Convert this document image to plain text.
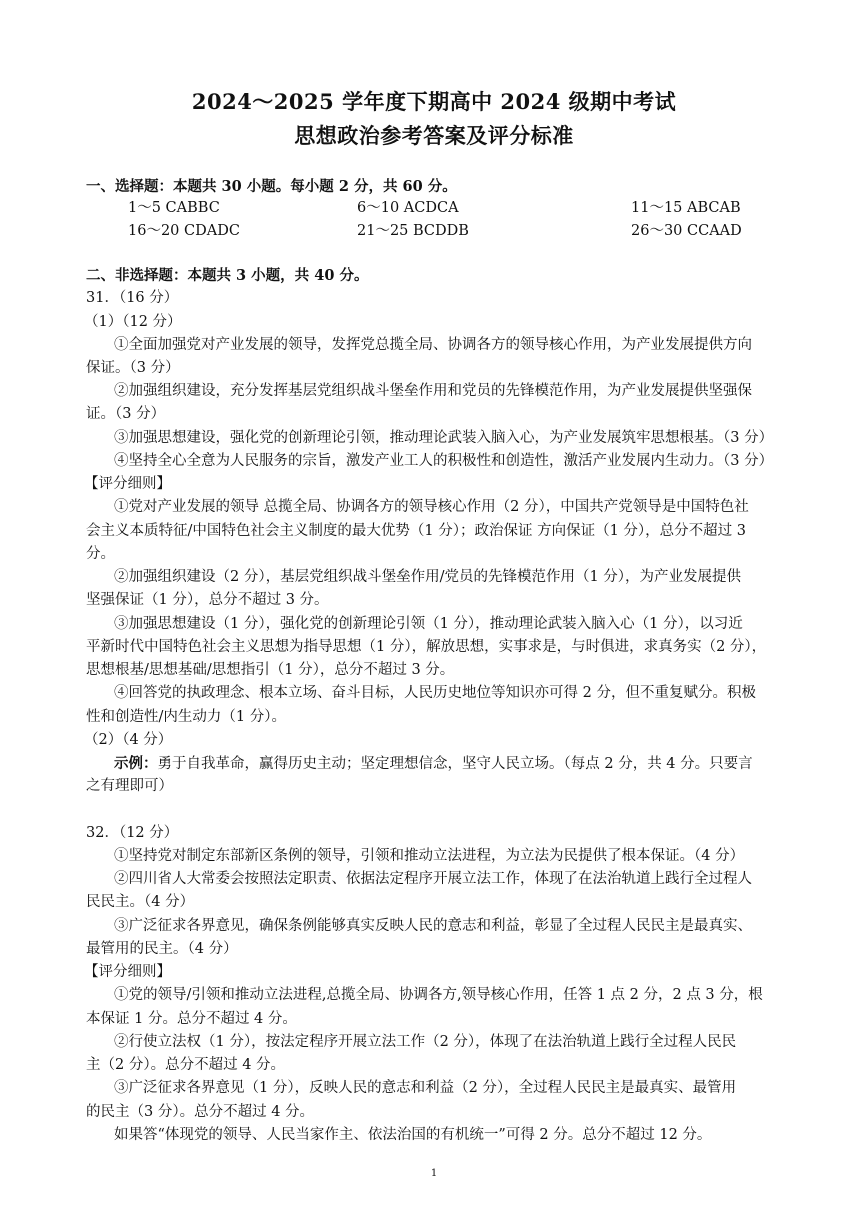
2024～2025 学年度下期高中 2024 级期中考试
思想政治参考答案及评分标准
一、选择题：本题共 30 小题。每小题 2 分，共 60 分。
1～5 CABBC	6～10 ACDCA	11～15 ABCAB
16～20 CDADC	21～25 BCDDB	26～30 CCAAD
二、非选择题：本题共 3 小题，共 40 分。
31．（16 分）
（1）（12 分）
①全面加强党对产业发展的领导，发挥党总揽全局、协调各方的领导核心作用，为产业发展提供方向
保证。（3 分）
②加强组织建设，充分发挥基层党组织战斗堡垒作用和党员的先锋模范作用，为产业发展提供坚强保
证。（3 分）
③加强思想建设，强化党的创新理论引领，推动理论武装入脑入心，为产业发展筑牢思想根基。（3 分）
④坚持全心全意为人民服务的宗旨，激发产业工人的积极性和创造性，激活产业发展内生动力。（3 分）
【评分细则】
①党对产业发展的领导 总揽全局、协调各方的领导核心作用（2 分），中国共产党领导是中国特色社
会主义本质特征/中国特色社会主义制度的最大优势（1 分）；政治保证 方向保证（1 分），总分不超过 3
分。
②加强组织建设（2 分），基层党组织战斗堡垒作用/党员的先锋模范作用（1 分），为产业发展提供
坚强保证（1 分），总分不超过 3 分。
③加强思想建设（1 分），强化党的创新理论引领（1 分），推动理论武装入脑入心（1 分），以习近
平新时代中国特色社会主义思想为指导思想（1 分），解放思想，实事求是，与时俱进，求真务实（2 分），
思想根基/思想基础/思想指引（1 分），总分不超过 3 分。
④回答党的执政理念、根本立场、奋斗目标，人民历史地位等知识亦可得 2 分，但不重复赋分。积极
性和创造性/内生动力（1 分）。
（2）（4 分）
示例：勇于自我革命，赢得历史主动；坚定理想信念，坚守人民立场。（每点 2 分，共 4 分。只要言
之有理即可）
32．（12 分）
①坚持党对制定东部新区条例的领导，引领和推动立法进程，为立法为民提供了根本保证。（4 分）
②四川省人大常委会按照法定职责、依据法定程序开展立法工作，体现了在法治轨道上践行全过程人
民民主。（4 分）
③广泛征求各界意见，确保条例能够真实反映人民的意志和利益，彰显了全过程人民民主是最真实、
最管用的民主。（4 分）
【评分细则】
①党的领导/引领和推动立法进程,总揽全局、协调各方,领导核心作用，任答 1 点 2 分，2 点 3 分，根
本保证 1 分。总分不超过 4 分。
②行使立法权（1 分），按法定程序开展立法工作（2 分），体现了在法治轨道上践行全过程人民民
主（2 分）。总分不超过 4 分。
③广泛征求各界意见（1 分），反映人民的意志和利益（2 分），全过程人民民主是最真实、最管用
的民主（3 分）。总分不超过 4 分。
如果答“体现党的领导、人民当家作主、依法治国的有机统一”可得 2 分。总分不超过 12 分。
1
